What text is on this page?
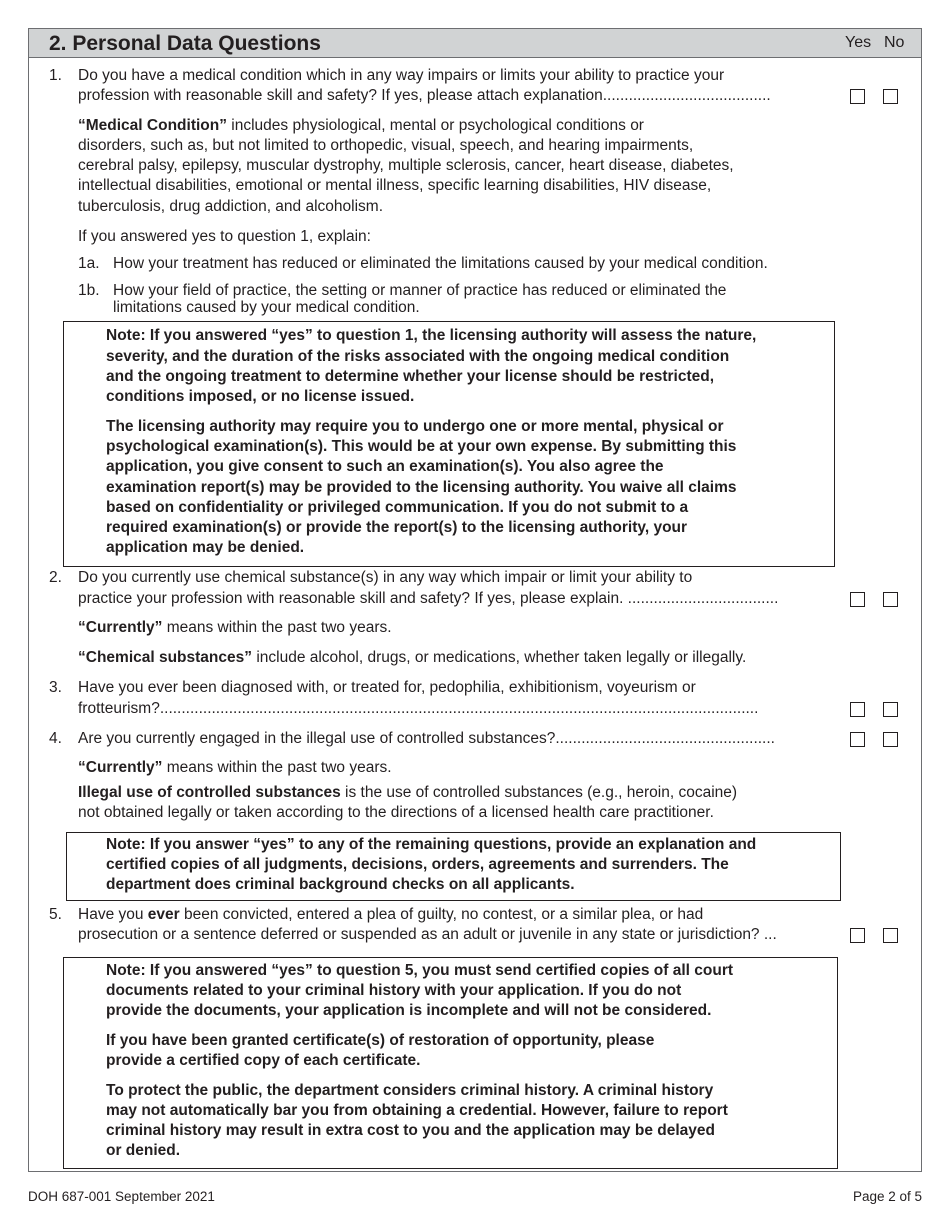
2. Personal Data Questions	Yes No
1. Do you have a medical condition which in any way impairs or limits your ability to practice your
profession with reasonable skill and safety? If yes, please attach explanation.......................................
“Medical Condition” includes physiological, mental or psychological conditions or
disorders, such as, but not limited to orthopedic, visual, speech, and hearing impairments,
cerebral palsy, epilepsy, muscular dystrophy, multiple sclerosis, cancer, heart disease, diabetes,
intellectual disabilities, emotional or mental illness, specific learning disabilities, HIV disease,
tuberculosis, drug addiction, and alcoholism.
If you answered yes to question 1, explain:
1a. How your treatment has reduced or eliminated the limitations caused by your medical condition.
1b. How your field of practice, the setting or manner of practice has reduced or eliminated the
limitations caused by your medical condition.
Note: If you answered “yes” to question 1, the licensing authority will assess the nature,
severity, and the duration of the risks associated with the ongoing medical condition
and the ongoing treatment to determine whether your license should be restricted,
conditions imposed, or no license issued.
The licensing authority may require you to undergo one or more mental, physical or
psychological examination(s). This would be at your own expense. By submitting this
application, you give consent to such an examination(s). You also agree the
examination report(s) may be provided to the licensing authority. You waive all claims
based on confidentiality or privileged communication. If you do not submit to a
required examination(s) or provide the report(s) to the licensing authority, your
application may be denied.
2. Do you currently use chemical substance(s) in any way which impair or limit your ability to
practice your profession with reasonable skill and safety? If yes, please explain. ...................................
“Currently” means within the past two years.
“Chemical substances” include alcohol, drugs, or medications, whether taken legally or illegally.
3. Have you ever been diagnosed with, or treated for, pedophilia, exhibitionism, voyeurism or
frotteurism?...........................................................................................................................................
4. Are you currently engaged in the illegal use of controlled substances?...................................................
“Currently” means within the past two years.
Illegal use of controlled substances is the use of controlled substances (e.g., heroin, cocaine)
not obtained legally or taken according to the directions of a licensed health care practitioner.
Note: If you answer “yes” to any of the remaining questions, provide an explanation and
certified copies of all judgments, decisions, orders, agreements and surrenders. The
department does criminal background checks on all applicants.
5. Have you ever been convicted, entered a plea of guilty, no contest, or a similar plea, or had
prosecution or a sentence deferred or suspended as an adult or juvenile in any state or jurisdiction? ...
Note: If you answered “yes” to question 5, you must send certified copies of all court
documents related to your criminal history with your application. If you do not
provide the documents, your application is incomplete and will not be considered.
If you have been granted certificate(s) of restoration of opportunity, please
provide a certified copy of each certificate.
To protect the public, the department considers criminal history. A criminal history
may not automatically bar you from obtaining a credential. However, failure to report
criminal history may result in extra cost to you and the application may be delayed
or denied.
DOH 687-001 September 2021	Page 2 of 5
